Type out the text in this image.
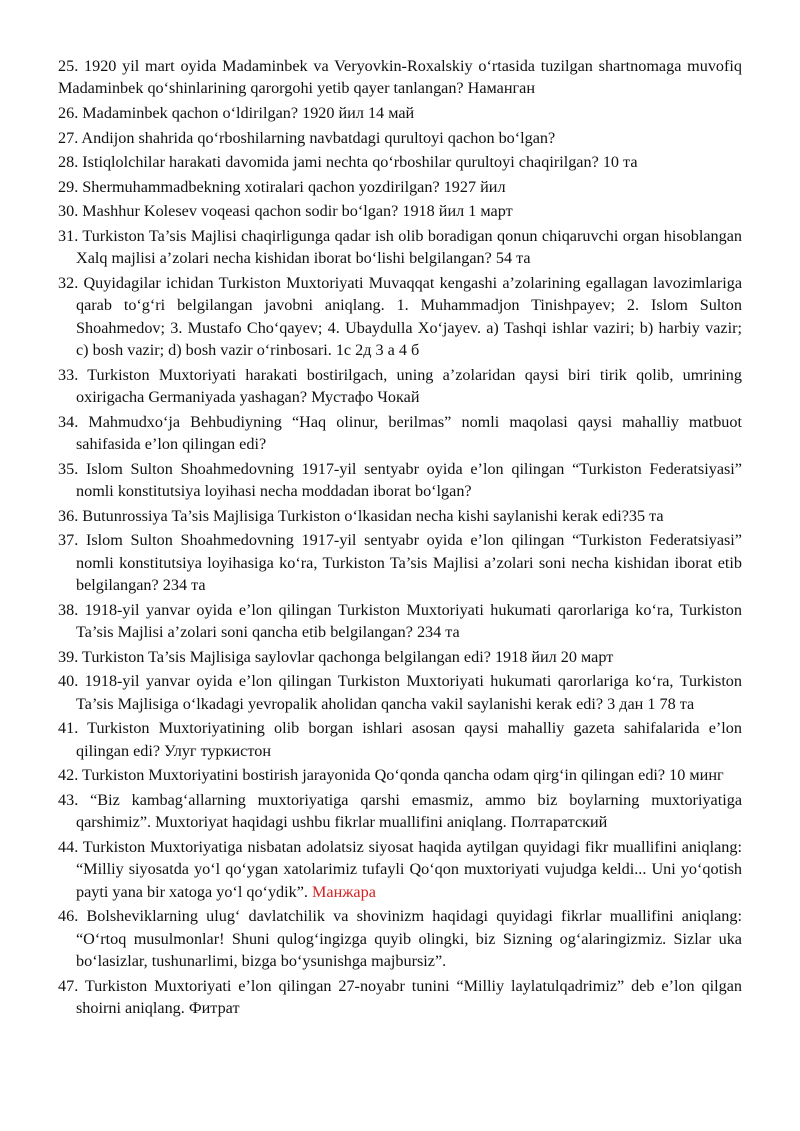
25. 1920 yil mart oyida Madaminbek va Veryovkin-Roxalskiy o‘rtasida tuzilgan shartnomaga muvofiq Madaminbek qo‘shinlarining qarorgohi yetib qayer tanlangan? Наманган

26. Madaminbek qachon o‘ldirilgan? 1920 йил 14 май

27. Andijon shahrida qo‘rboshilarning navbatdagi qurultoyi qachon bo‘lgan?

28. Istiqlolchilar harakati davomida jami nechta qo‘rboshilar qurultoyi chaqirilgan? 10 та

29. Shermuhammadbekning xotiralari qachon yozdirilgan? 1927 йил

30. Mashhur Kolesev voqeasi qachon sodir bo‘lgan? 1918 йил 1 март

31. Turkiston Ta’sis Majlisi chaqirligunga qadar ish olib boradigan qonun chiqaruvchi organ hisoblangan Xalq majlisi a’zolari necha kishidan iborat bo‘lishi belgilangan? 54 та

32. Quyidagilar ichidan Turkiston Muxtoriyati Muvaqqat kengashi a’zolarining egallagan lavozimlariga qarab to‘g‘ri belgilangan javobni aniqlang. 1. Muhammadjon Tinishpayev; 2. Islom Sulton Shoahmedov; 3. Mustafo Cho‘qayev; 4. Ubaydulla Xo‘jayev. a) Tashqi ishlar vaziri; b) harbiy vazir; c) bosh vazir; d) bosh vazir o‘rinbosari. 1с 2д 3 а 4 б

33. Turkiston Muxtoriyati harakati bostirilgach, uning a’zolaridan qaysi biri tirik qolib, umrining oxirigacha Germaniyada yashagan? Мустафо Чокай

34. Mahmudxo‘ja Behbudiyning “Haq olinur, berilmas” nomli maqolasi qaysi mahalliy matbuot sahifasida e’lon qilingan edi?

35. Islom Sulton Shoahmedovning 1917-yil sentyabr oyida e’lon qilingan “Turkiston Federatsiyasi” nomli konstitutsiya loyihasi necha moddadan iborat bo‘lgan?

36. Butunrossiya Ta’sis Majlisiga Turkiston o‘lkasidan necha kishi saylanishi kerak edi?35 та

37. Islom Sulton Shoahmedovning 1917-yil sentyabr oyida e’lon qilingan “Turkiston Federatsiyasi” nomli konstitutsiya loyihasiga ko‘ra, Turkiston Ta’sis Majlisi a’zolari soni necha kishidan iborat etib belgilangan? 234 та

38. 1918-yil yanvar oyida e’lon qilingan Turkiston Muxtoriyati hukumati qarorlariga ko‘ra, Turkiston Ta’sis Majlisi a’zolari soni qancha etib belgilangan? 234 та

39. Turkiston Ta’sis Majlisiga saylovlar qachonga belgilangan edi? 1918 йил 20 март

40. 1918-yil yanvar oyida e’lon qilingan Turkiston Muxtoriyati hukumati qarorlariga ko‘ra, Turkiston Ta’sis Majlisiga o‘lkadagi yevropalik aholidan qancha vakil saylanishi kerak edi? 3 дан 1 78 та

41. Turkiston Muxtoriyatining olib borgan ishlari asosan qaysi mahalliy gazeta sahifalarida e’lon qilingan edi? Улуг туркистон

42. Turkiston Muxtoriyatini bostirish jarayonida Qo‘qonda qancha odam qirg‘in qilingan edi? 10 минг

43. “Biz kambag‘allarning muxtoriyatiga qarshi emasmiz, ammo biz boylarning muxtoriyatiga qarshimiz”. Muxtoriyat haqidagi ushbu fikrlar muallifini aniqlang. Полтаратский

44. Turkiston Muxtoriyatiga nisbatan adolatsiz siyosat haqida aytilgan quyidagi fikr muallifini aniqlang: “Milliy siyosatda yo‘l qo‘ygan xatolarimiz tufayli Qo‘qon muxtoriyati vujudga keldi... Uni yo‘qotish payti yana bir xatoga yo‘l qo‘ydik”. Манжара

46. Bolsheviklarning ulug‘ davlatchilik va shovinizm haqidagi quyidagi fikrlar muallifini aniqlang: “O‘rtoq musulmonlar! Shuni qulog‘ingizga quyib olingki, biz Sizning og‘alaringizmiz. Sizlar uka bo‘lasizlar, tushunarlimi, bizga bo‘ysunishga majbursiz”.

47. Turkiston Muxtoriyati e’lon qilingan 27-noyabr tunini “Milliy laylatulqadrimiz” deb e’lon qilgan shoirni aniqlang. Фитрат
